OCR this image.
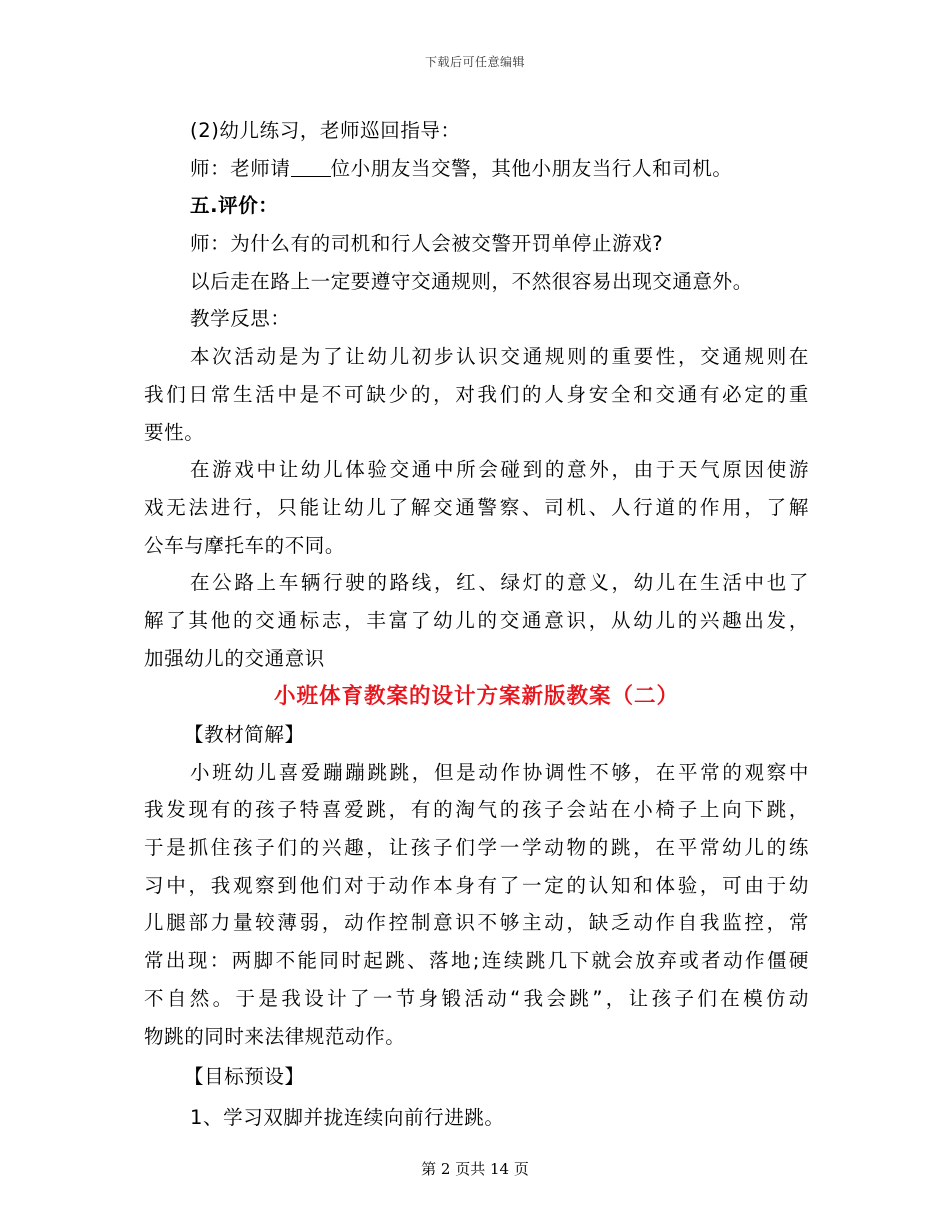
下载后可任意编辑
(2)幼儿练习，老师巡回指导：
师：老师请 位小朋友当交警，其他小朋友当行人和司机。
五.评价：
师：为什么有的司机和行人会被交警开罚单停止游戏?
以后走在路上一定要遵守交通规则，不然很容易出现交通意外。
教学反思：
本次活动是为了让幼儿初步认识交通规则的重要性，交通规则在
我们日常生活中是不可缺少的，对我们的人身安全和交通有必定的重
要性。
在游戏中让幼儿体验交通中所会碰到的意外，由于天气原因使游
戏无法进行，只能让幼儿了解交通警察、司机、人行道的作用，了解
公车与摩托车的不同。
在公路上车辆行驶的路线，红、绿灯的意义，幼儿在生活中也了
解了其他的交通标志，丰富了幼儿的交通意识，从幼儿的兴趣出发，
加强幼儿的交通意识
小班体育教案的设计方案新版教案（二）
【教材简解】
小班幼儿喜爱蹦蹦跳跳，但是动作协调性不够，在平常的观察中
我发现有的孩子特喜爱跳，有的淘气的孩子会站在小椅子上向下跳，
于是抓住孩子们的兴趣，让孩子们学一学动物的跳，在平常幼儿的练
习中，我观察到他们对于动作本身有了一定的认知和体验，可由于幼
儿腿部力量较薄弱，动作控制意识不够主动，缺乏动作自我监控，常
常出现：两脚不能同时起跳、落地;连续跳几下就会放弃或者动作僵硬
不自然。于是我设计了一节身锻活动“我会跳”，让孩子们在模仿动
物跳的同时来法律规范动作。
【目标预设】
1、学习双脚并拢连续向前行进跳。
第 2 页共 14 页
